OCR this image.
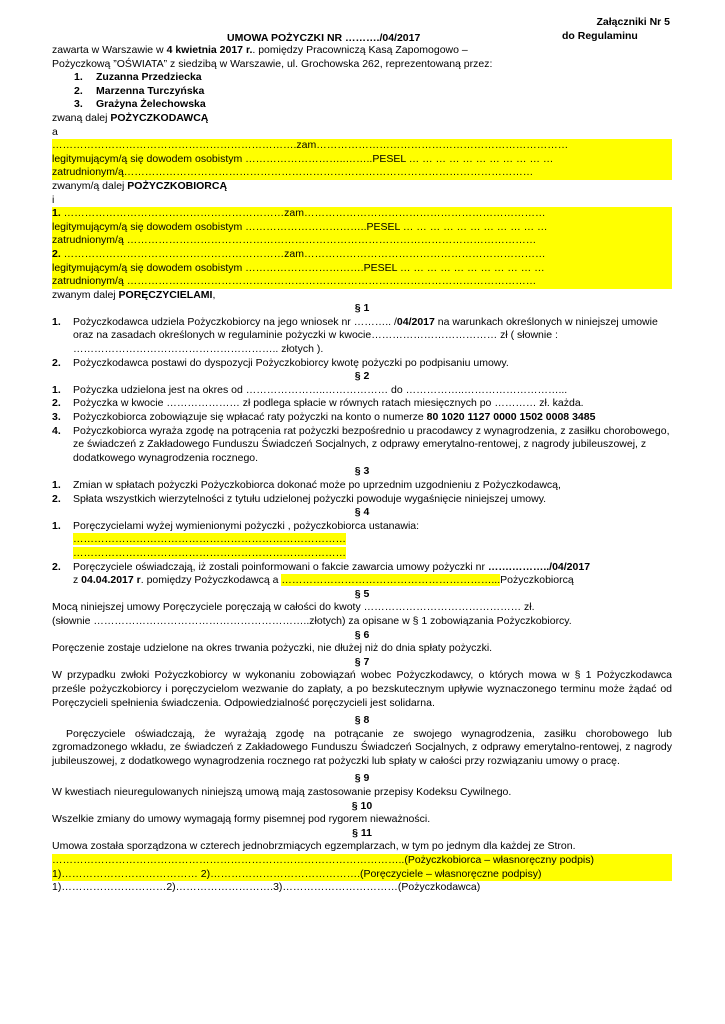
UMOWA POŻYCZKI NR ………./04/2017
Załączniki Nr 5
do Regulaminu
zawarta w Warszawie w 4 kwietnia 2017 r.. pomiędzy Pracowniczą Kasą Zapomogowo –
Pożyczkową ”OŚWIATA” z siedzibą w Warszawie, ul. Grochowska 262, reprezentowaną przez:
1. Zuzanna Przedziecka
2. Marzenna Turczyńska
3. Grażyna Żelechowska
zwaną dalej POŻYCZKODAWCĄ
a
…………………………………………………………….zam………………………………………………………………
legitymującym/ą się dowodem osobistym ………………………..……..PESEL … … … … … … … … … … …
zatrudnionym/ą………………………………………………………………………………………………………
zwanym/ą dalej POŻYCZKOBIORCĄ
i
1. ………………………………………………………zam……………………………………………………………
legitymującym/ą się dowodem osobistym ……………………………..PESEL … … … … … … … … … … …
zatrudnionym/ą ………………………………………………………………………………………………………
2. ………………………………………………………zam……………………………………………………………
legitymującym/ą się dowodem osobistym …………………………….PESEL … … … … … … … … … … …
zatrudnionym/ą ………………………………………………………………………………………………………
zwanym dalej PORĘCZYCIELAMI,
§ 1
1. Pożyczkodawca udziela Pożyczkobiorcy na jego wniosek nr ……….. /04/2017 na warunkach określonych w niniejszej umowie oraz na zasadach określonych w regulaminie pożyczki w kwocie……………………………… zł ( słownie : ………………………………………………….. złotych ).
2. Pożyczkodawca postawi do dyspozycji Pożyczkobiorcy kwotę pożyczki po podpisaniu umowy.
§ 2
1. Pożyczka udzielona jest na okres od …………………..……………… do ……………..………………………...
2. Pożyczka w kwocie ………………… zł podlega spłacie w równych ratach miesięcznych po ………… zł. każda.
3. Pożyczkobiorca zobowiązuje się wpłacać raty pożyczki na konto o numerze 80 1020 1127 0000 1502 0008 3485
4. Pożyczkobiorca wyraża zgodę na potrącenia rat pożyczki bezpośrednio u pracodawcy z wynagrodzenia, z zasiłku chorobowego, ze świadczeń z Zakładowego Funduszu Świadczeń Socjalnych, z odprawy emerytalno-rentowej, z nagrody jubileuszowej, z dodatkowego wynagrodzenia rocznego.
§ 3
1. Zmian w spłatach pożyczki Pożyczkobiorca dokonać może po uprzednim uzgodnieniu z Pożyczkodawcą,
2. Spłata wszystkich wierzytelności z tytułu udzielonej pożyczki powoduje wygaśnięcie niniejszej umowy.
§ 4
1. Poręczycielami wyżej wymienionymi pożyczki , pożyczkobiorca ustanawia:
……………………………………………………………………
……………………………………………………………………
2. Poręczyciele oświadczają, iż zostali poinformowani o fakcie zawarcia umowy pożyczki nr …….………../04/2017
z 04.04.2017 r. pomiędzy Pożyczkodawcą a ……………………………………………………...Pożyczkobiorcą
§ 5
Mocą niniejszej umowy Poręczyciele poręczają w całości do kwoty ……………………………………… zł.
(słownie ……………………………………………………..złotych) za opisane w § 1 zobowiązania Pożyczkobiorcy.
§ 6
Poręczenie zostaje udzielone na okres trwania pożyczki, nie dłużej niż do dnia spłaty pożyczki.
§ 7
W przypadku zwłoki Pożyczkobiorcy w wykonaniu zobowiązań wobec Pożyczkodawcy, o których mowa w § 1 Pożyczkodawca prześle pożyczkobiorcy i poręczycielom wezwanie do zapłaty, a po bezskutecznym upływie wyznaczonego terminu może żądać od Poręczycieli spełnienia świadczenia. Odpowiedzialność poręczycieli jest solidarna.
§ 8
Poręczyciele oświadczają, że wyrażają zgodę na potrącanie ze swojego wynagrodzenia, zasiłku chorobowego lub zgromadzonego wkładu, ze świadczeń z Zakładowego Funduszu Świadczeń Socjalnych, z odprawy emerytalno-rentowej, z nagrody jubileuszowej, z dodatkowego wynagrodzenia rocznego rat pożyczki lub spłaty w całości przy rozwiązaniu umowy o pracę.
§ 9
W kwestiach nieuregulowanych niniejszą umową mają zastosowanie przepisy Kodeksu Cywilnego.
§ 10
Wszelkie zmiany do umowy wymagają formy pisemnej pod rygorem nieważności.
§ 11
Umowa została sporządzona w czterech jednobrzmiących egzemplarzach, w tym po jednym dla każdej ze Stron.
………………………………………………………………………………………..(Pożyczkobiorca – własnoręczny podpis)
1)………………………………… 2)…………………………………….(Poręczyciele – własnoręczne podpisy)
1)…………………………2)……………………….3)……………………………(Pożyczkodawca)
